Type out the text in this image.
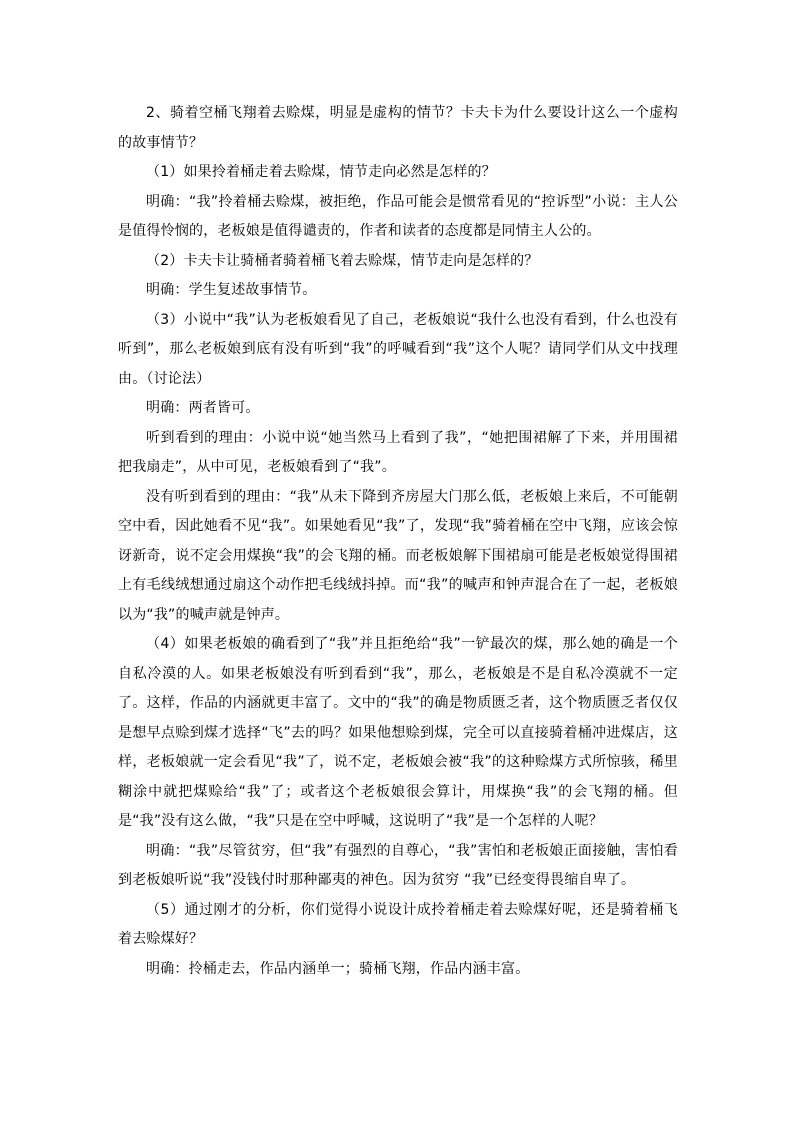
2、骑着空桶飞翔着去赊煤，明显是虚构的情节？卡夫卡为什么要设计这么一个虚构的故事情节？

（1）如果拎着桶走着去赊煤，情节走向必然是怎样的？

明确：“我”拎着桶去赊煤，被拒绝，作品可能会是惯常看见的“控诉型”小说：主人公是值得怜悯的，老板娘是值得谴责的，作者和读者的态度都是同情主人公的。

（2）卡夫卡让骑桶者骑着桶飞着去赊煤，情节走向是怎样的？

明确：学生复述故事情节。

（3）小说中“我”认为老板娘看见了自己，老板娘说“我什么也没有看到，什么也没有听到”，那么老板娘到底有没有听到“我”的呼喊看到“我”这个人呢？请同学们从文中找理由。（讨论法）

明确：两者皆可。

听到看到的理由：小说中说“她当然马上看到了我”，“她把围裙解了下来，并用围裙把我扇走”，从中可见，老板娘看到了“我”。

没有听到看到的理由：“我”从未下降到齐房屋大门那么低，老板娘上来后，不可能朝空中看，因此她看不见“我”。如果她看见“我”了，发现“我”骑着桶在空中飞翔，应该会惊讶新奇，说不定会用煤换“我”的会飞翔的桶。而老板娘解下围裙扇可能是老板娘觉得围裙上有毛线绒想通过扇这个动作把毛线绒抖掉。而“我”的喊声和钟声混合在了一起，老板娘以为“我”的喊声就是钟声。

（4）如果老板娘的确看到了“我”并且拒绝给“我”一铲最次的煤，那么她的确是一个自私冷漠的人。如果老板娘没有听到看到“我”，那么，老板娘是不是自私冷漠就不一定了。这样，作品的内涵就更丰富了。文中的“我”的确是物质匮乏者，这个物质匮乏者仅仅是想早点赊到煤才选择“飞”去的吗？如果他想赊到煤，完全可以直接骑着桶冲进煤店，这样，老板娘就一定会看见“我”了，说不定，老板娘会被“我”的这种赊煤方式所惊骇，稀里糊涂中就把煤赊给“我”了；或者这个老板娘很会算计，用煤换“我”的会飞翔的桶。但是“我”没有这么做，“我”只是在空中呼喊，这说明了“我”是一个怎样的人呢？

明确：“我”尽管贫穷，但“我”有强烈的自尊心，“我”害怕和老板娘正面接触，害怕看到老板娘听说“我”没钱付时那种鄙夷的神色。因为贫穷 “我”已经变得畏缩自卑了。

（5）通过刚才的分析，你们觉得小说设计成拎着桶走着去赊煤好呢，还是骑着桶飞着去赊煤好？

明确：拎桶走去，作品内涵单一；骑桶飞翔，作品内涵丰富。
